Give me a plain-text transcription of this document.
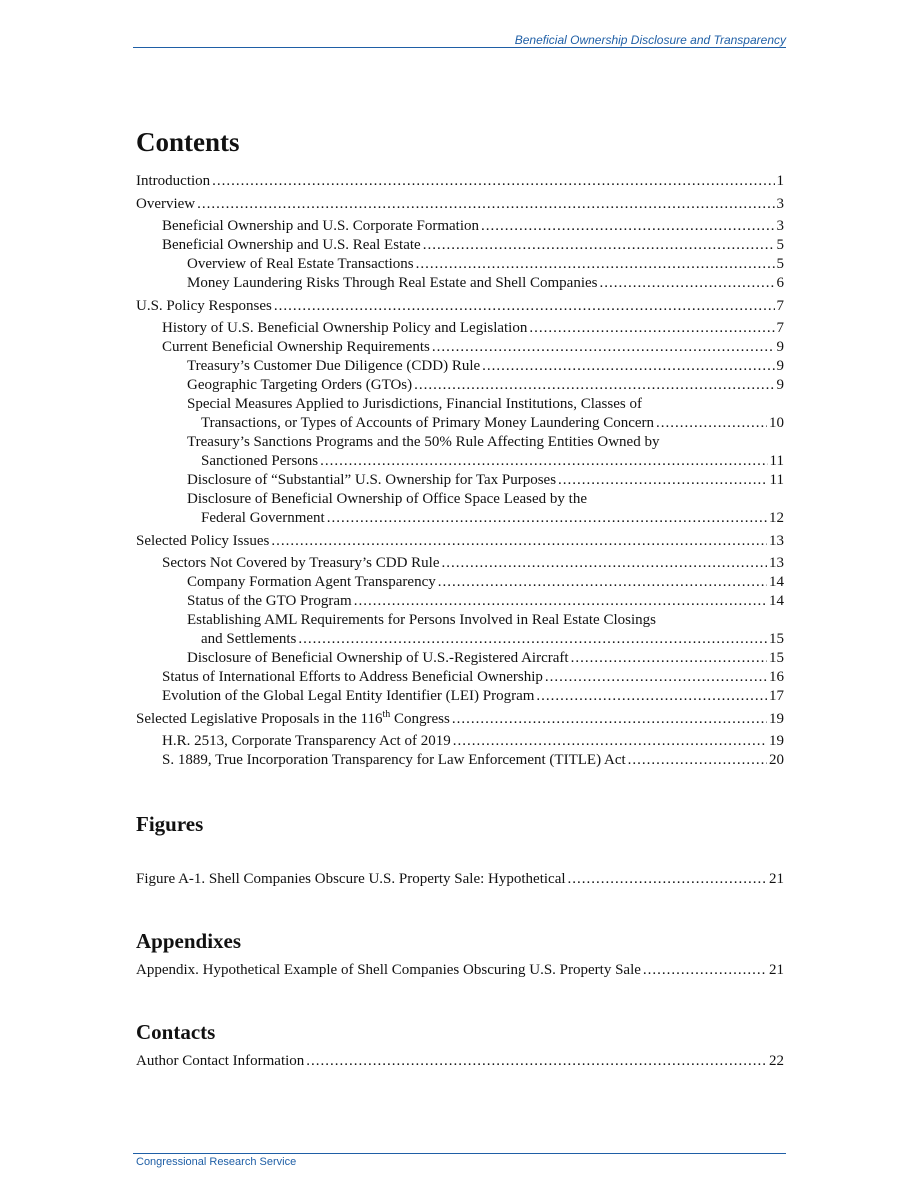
Beneficial Ownership Disclosure and Transparency
Contents
Introduction .....	1
Overview .....	3
Beneficial Ownership and U.S. Corporate Formation .....	3
Beneficial Ownership and U.S. Real Estate .....	5
Overview of Real Estate Transactions .....	5
Money Laundering Risks Through Real Estate and Shell Companies .....	6
U.S. Policy Responses .....	7
History of U.S. Beneficial Ownership Policy and Legislation .....	7
Current Beneficial Ownership Requirements .....	9
Treasury’s Customer Due Diligence (CDD) Rule .....	9
Geographic Targeting Orders (GTOs) .....	9
Special Measures Applied to Jurisdictions, Financial Institutions, Classes of
Transactions, or Types of Accounts of Primary Money Laundering Concern .....	10
Treasury’s Sanctions Programs and the 50% Rule Affecting Entities Owned by
Sanctioned Persons .....	11
Disclosure of “Substantial” U.S. Ownership for Tax Purposes .....	11
Disclosure of Beneficial Ownership of Office Space Leased by the
Federal Government .....	12
Selected Policy Issues .....	13
Sectors Not Covered by Treasury’s CDD Rule .....	13
Company Formation Agent Transparency .....	14
Status of the GTO Program .....	14
Establishing AML Requirements for Persons Involved in Real Estate Closings
and Settlements .....	15
Disclosure of Beneficial Ownership of U.S.-Registered Aircraft .....	15
Status of International Efforts to Address Beneficial Ownership .....	16
Evolution of the Global Legal Entity Identifier (LEI) Program .....	17
Selected Legislative Proposals in the 116th Congress .....	19
H.R. 2513, Corporate Transparency Act of 2019 .....	19
S. 1889, True Incorporation Transparency for Law Enforcement (TITLE) Act .....	20
Figures
Figure A-1. Shell Companies Obscure U.S. Property Sale: Hypothetical .....	21
Appendixes
Appendix. Hypothetical Example of Shell Companies Obscuring U.S. Property Sale .....	21
Contacts
Author Contact Information .....	22
Congressional Research Service
